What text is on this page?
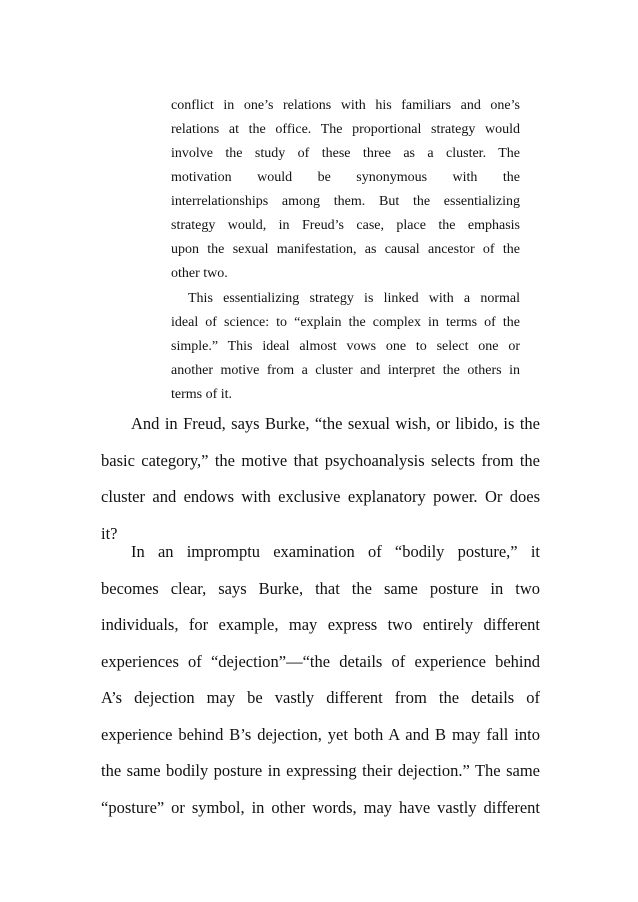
conflict in one’s relations with his familiars and one’s
relations at the office. The proportional strategy would
involve the study of these three as a cluster. The
motivation would be synonymous with the
interrelationships among them. But the essentializing
strategy would, in Freud’s case, place the emphasis
upon the sexual manifestation, as causal ancestor of the
other two.
This essentializing strategy is linked with a normal
ideal of science: to “explain the complex in terms of the
simple.” This ideal almost vows one to select one or
another motive from a cluster and interpret the others in
terms of it.
And in Freud, says Burke, “the sexual wish, or libido, is the
basic category,” the motive that psychoanalysis selects from the
cluster and endows with exclusive explanatory power. Or does
it?
In an impromptu examination of “bodily posture,” it
becomes clear, says Burke, that the same posture in two
individuals, for example, may express two entirely different
experiences of “dejection”—“the details of experience behind
A’s dejection may be vastly different from the details of
experience behind B’s dejection, yet both A and B may fall into
the same bodily posture in expressing their dejection.” The same
“posture” or symbol, in other words, may have vastly different
